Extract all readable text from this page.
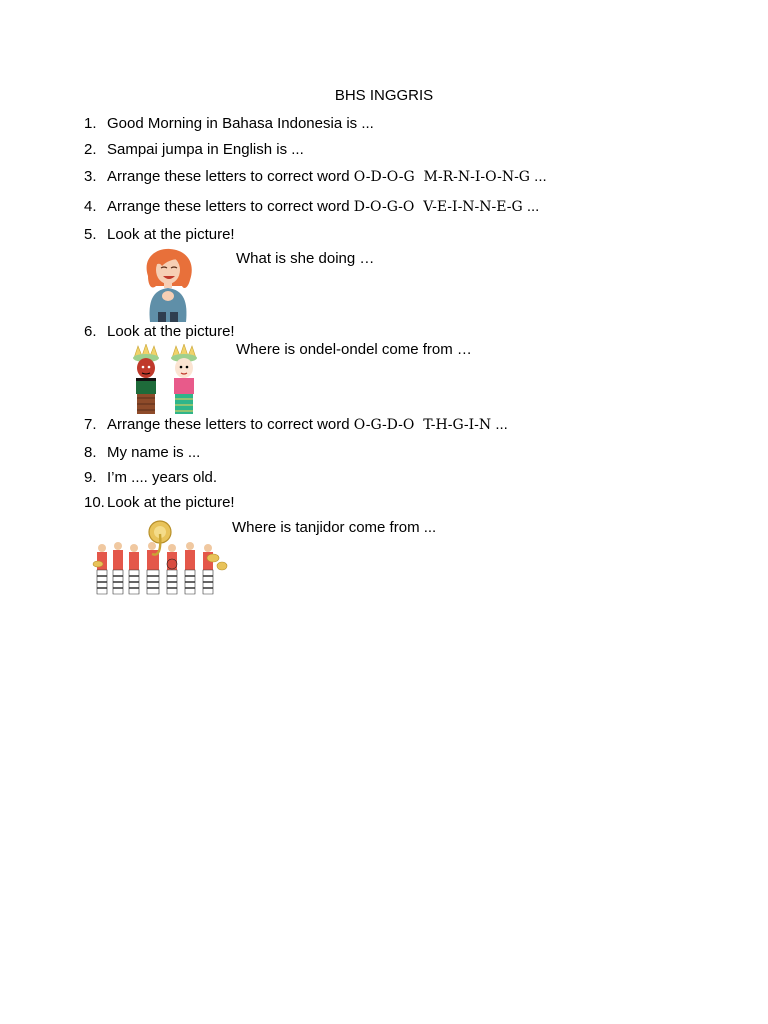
BHS INGGRIS
1. Good Morning in Bahasa Indonesia is ...
2. Sampai jumpa in English is ...
3. Arrange these letters to correct word O-D-O-G  M-R-N-I-O-N-G ...
4. Arrange these letters to correct word D-O-G-O  V-E-I-N-N-E-G ...
5. Look at the picture!
What is she doing …
6. Look at the picture!
Where is ondel-ondel come from …
7. Arrange these letters to correct word O-G-D-O  T-H-G-I-N ...
8. My name is ...
9. I’m .... years old.
10. Look at the picture!
Where is tanjidor come from ...
